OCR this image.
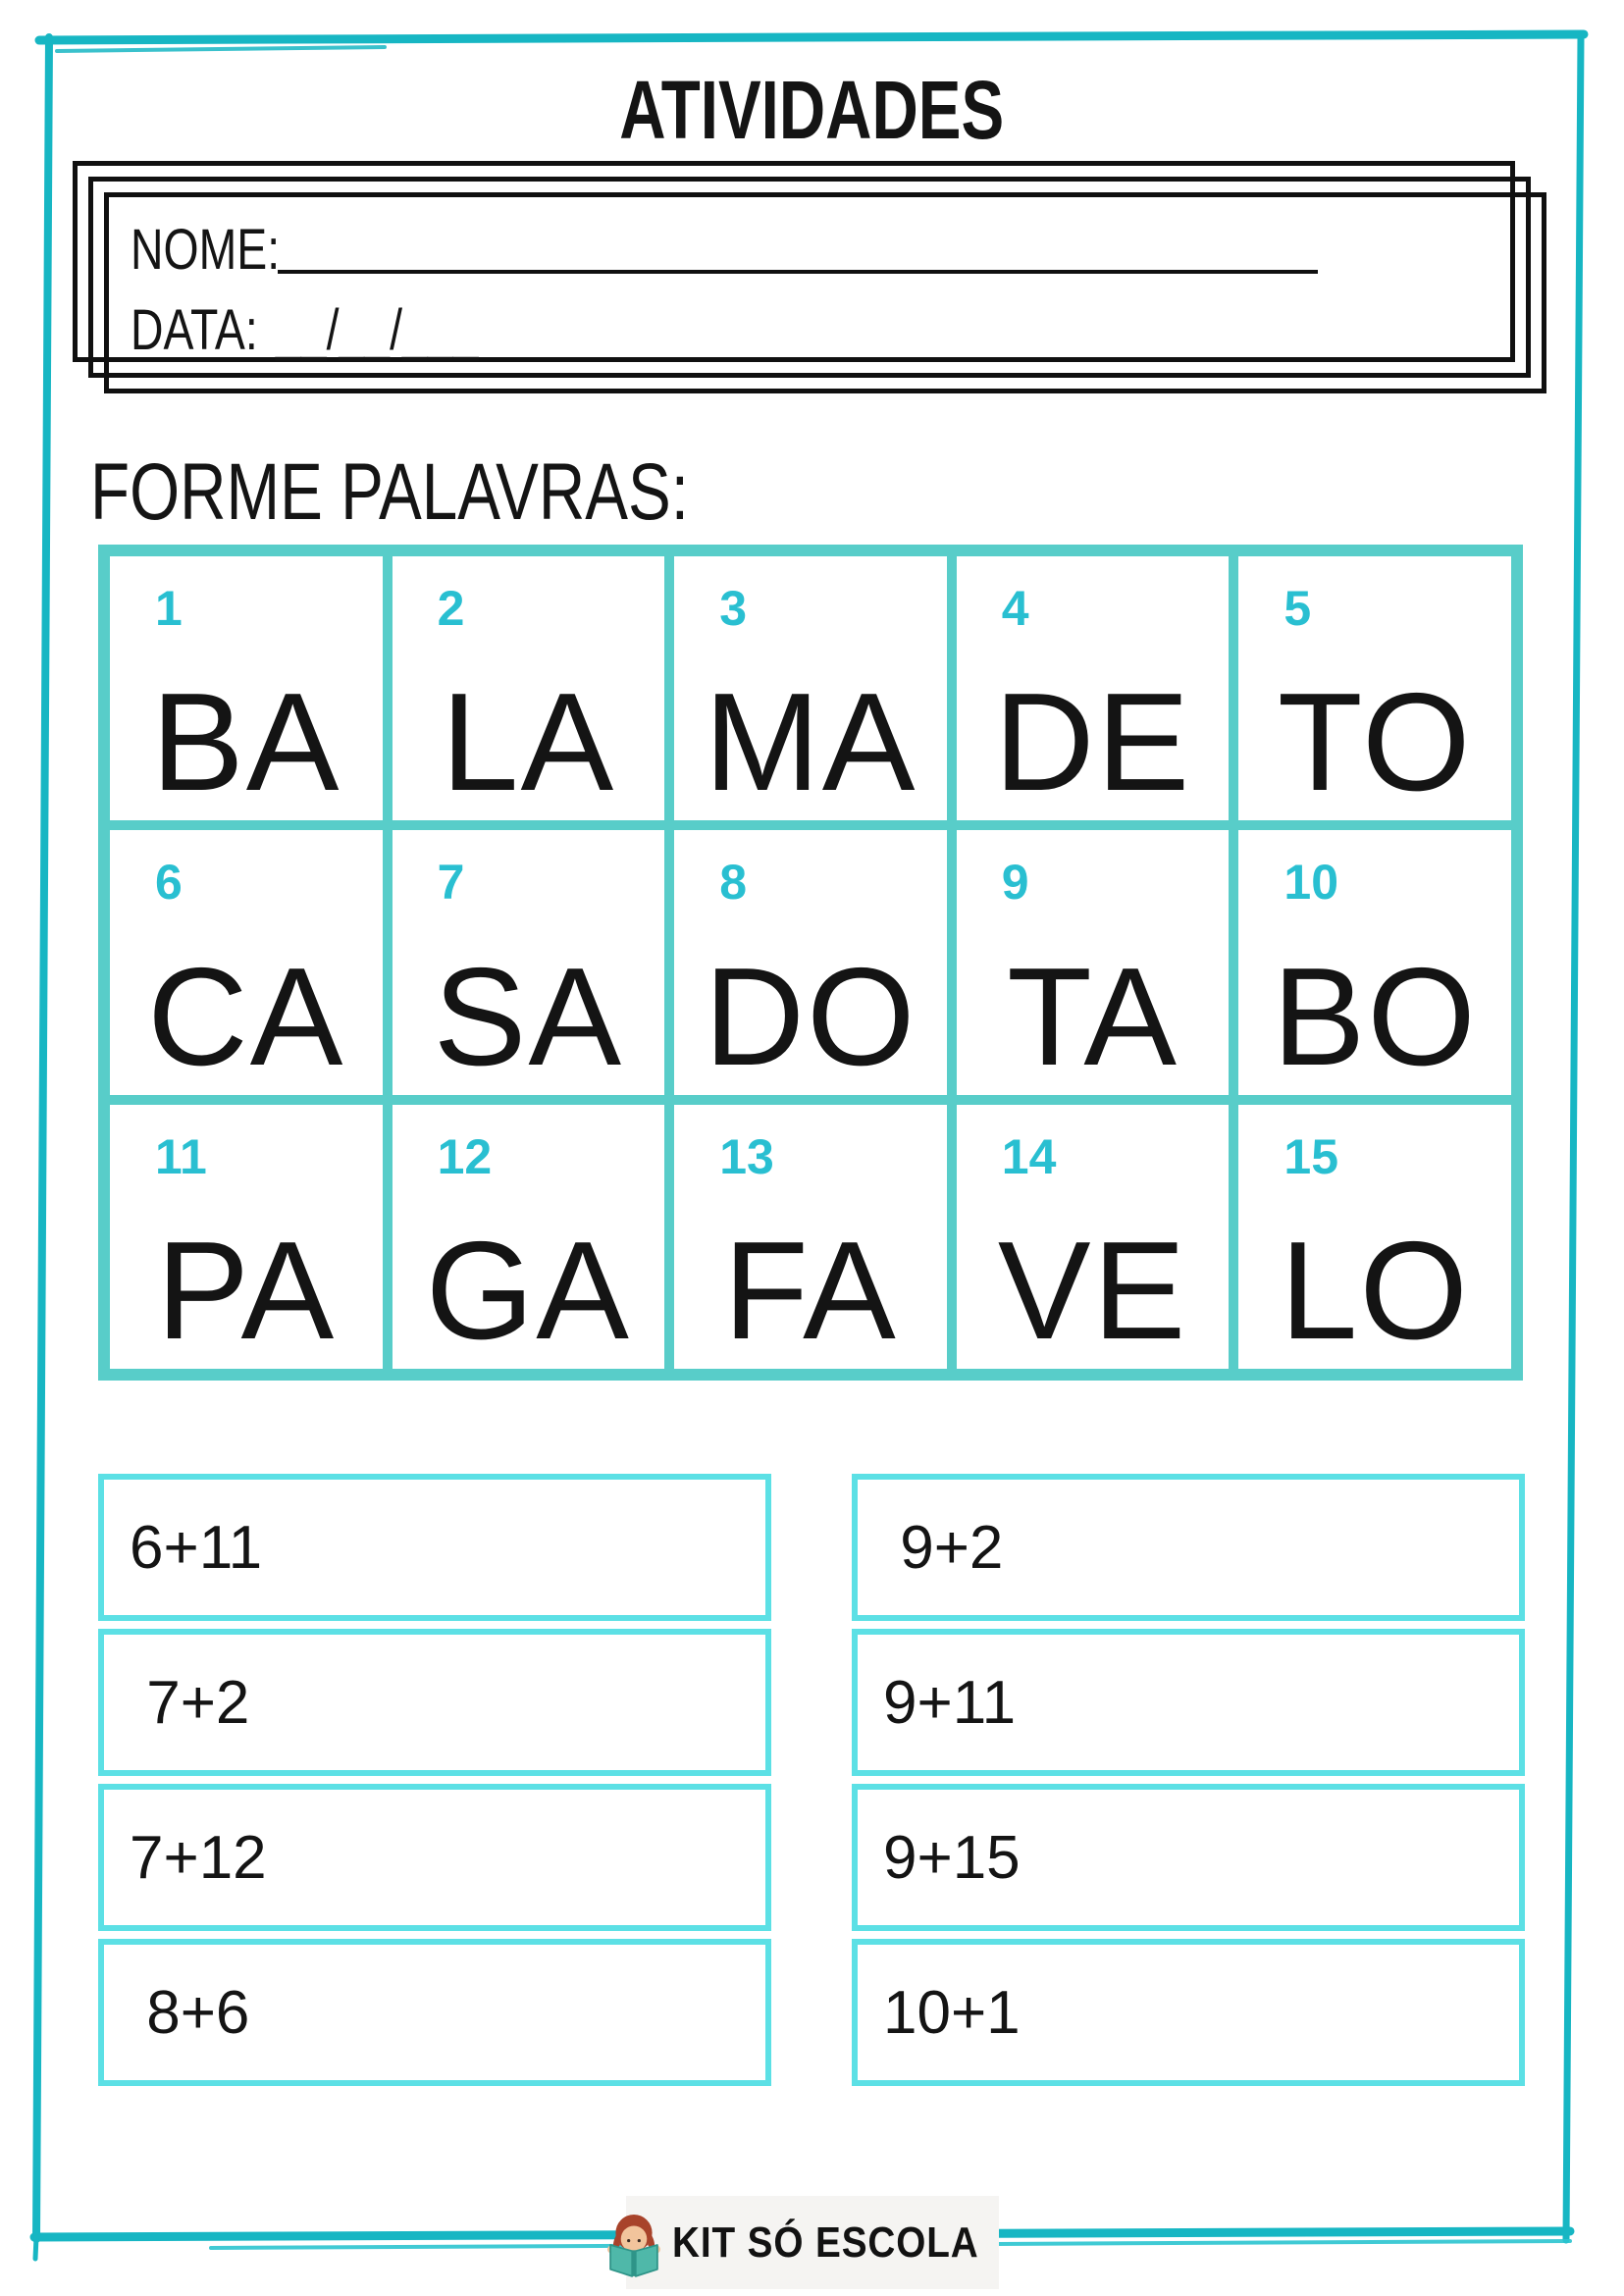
ATIVIDADES
NOME:
DATA: __/__/___
FORME PALAVRAS:
1
BA
2
LA
3
MA
4
DE
5
TO
6
CA
7
SA
8
DO
9
TA
10
BO
11
PA
12
GA
13
FA
14
VE
15
LO
6+11
7+2
7+12
8+6
9+2
9+11
9+15
10+1
KIT SÓ ESCOLA
